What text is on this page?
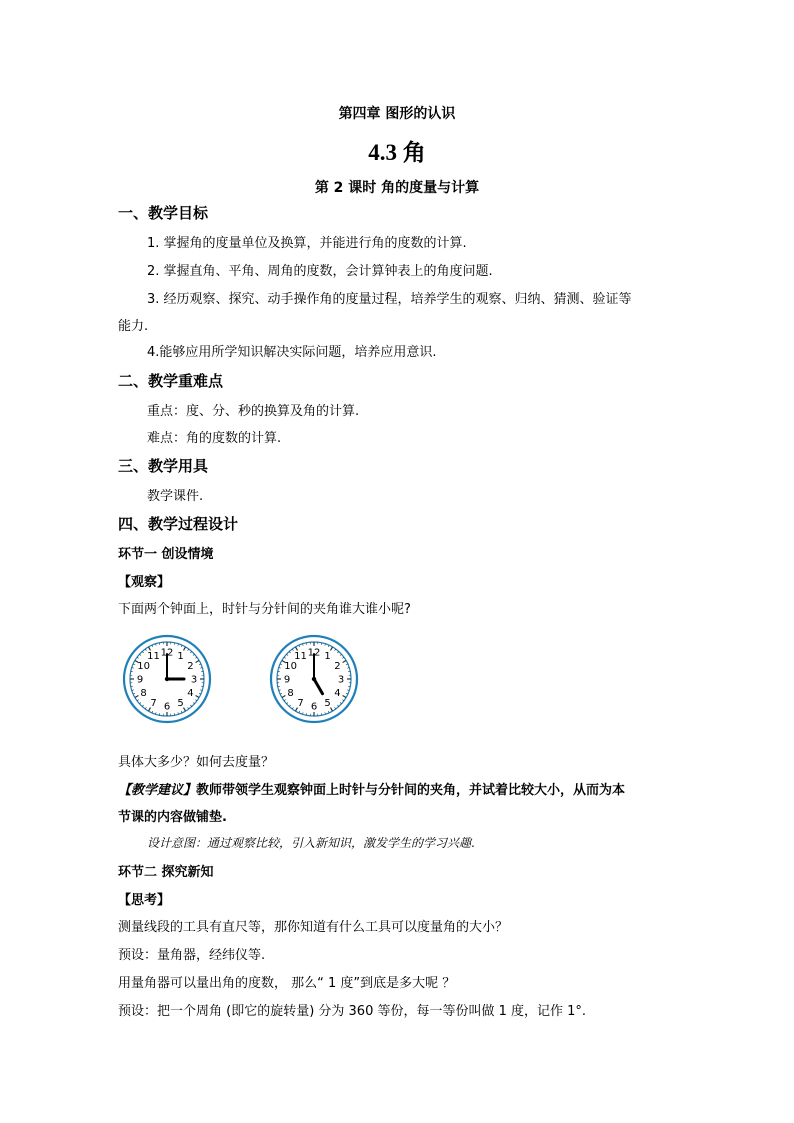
第四章 图形的认识
4.3 角
第 2 课时 角的度量与计算
一、教学目标
1. 掌握角的度量单位及换算，并能进行角的度数的计算.
2. 掌握直角、平角、周角的度数，会计算钟表上的角度问题.
3. 经历观察、探究、动手操作角的度量过程，培养学生的观察、归纳、猜测、验证等
能力.
4.能够应用所学知识解决实际问题，培养应用意识.
二、教学重难点
重点：度、分、秒的换算及角的计算.
难点：角的度数的计算.
三、教学用具
教学课件.
四、教学过程设计
环节一 创设情境
【观察】
下面两个钟面上，时针与分针间的夹角谁大谁小呢?
12 1
2
3
4
5
6
7
8
9
10
11	12 1
2
3
4
5
6
7
8
9
10
11
具体大多少？如何去度量？
【教学建议】教师带领学生观察钟面上时针与分针间的夹角，并试着比较大小，从而为本
节课的内容做铺垫.
设计意图：通过观察比较，引入新知识，激发学生的学习兴趣.
环节二 探究新知
【思考】
测量线段的工具有直尺等，那你知道有什么工具可以度量角的大小？
预设：量角器，经纬仪等.
用量角器可以量出角的度数， 那么“ 1 度”到底是多大呢 ？
预设：把一个周角 (即它的旋转量) 分为 360 等份，每一等份叫做 1 度，记作 1°.
